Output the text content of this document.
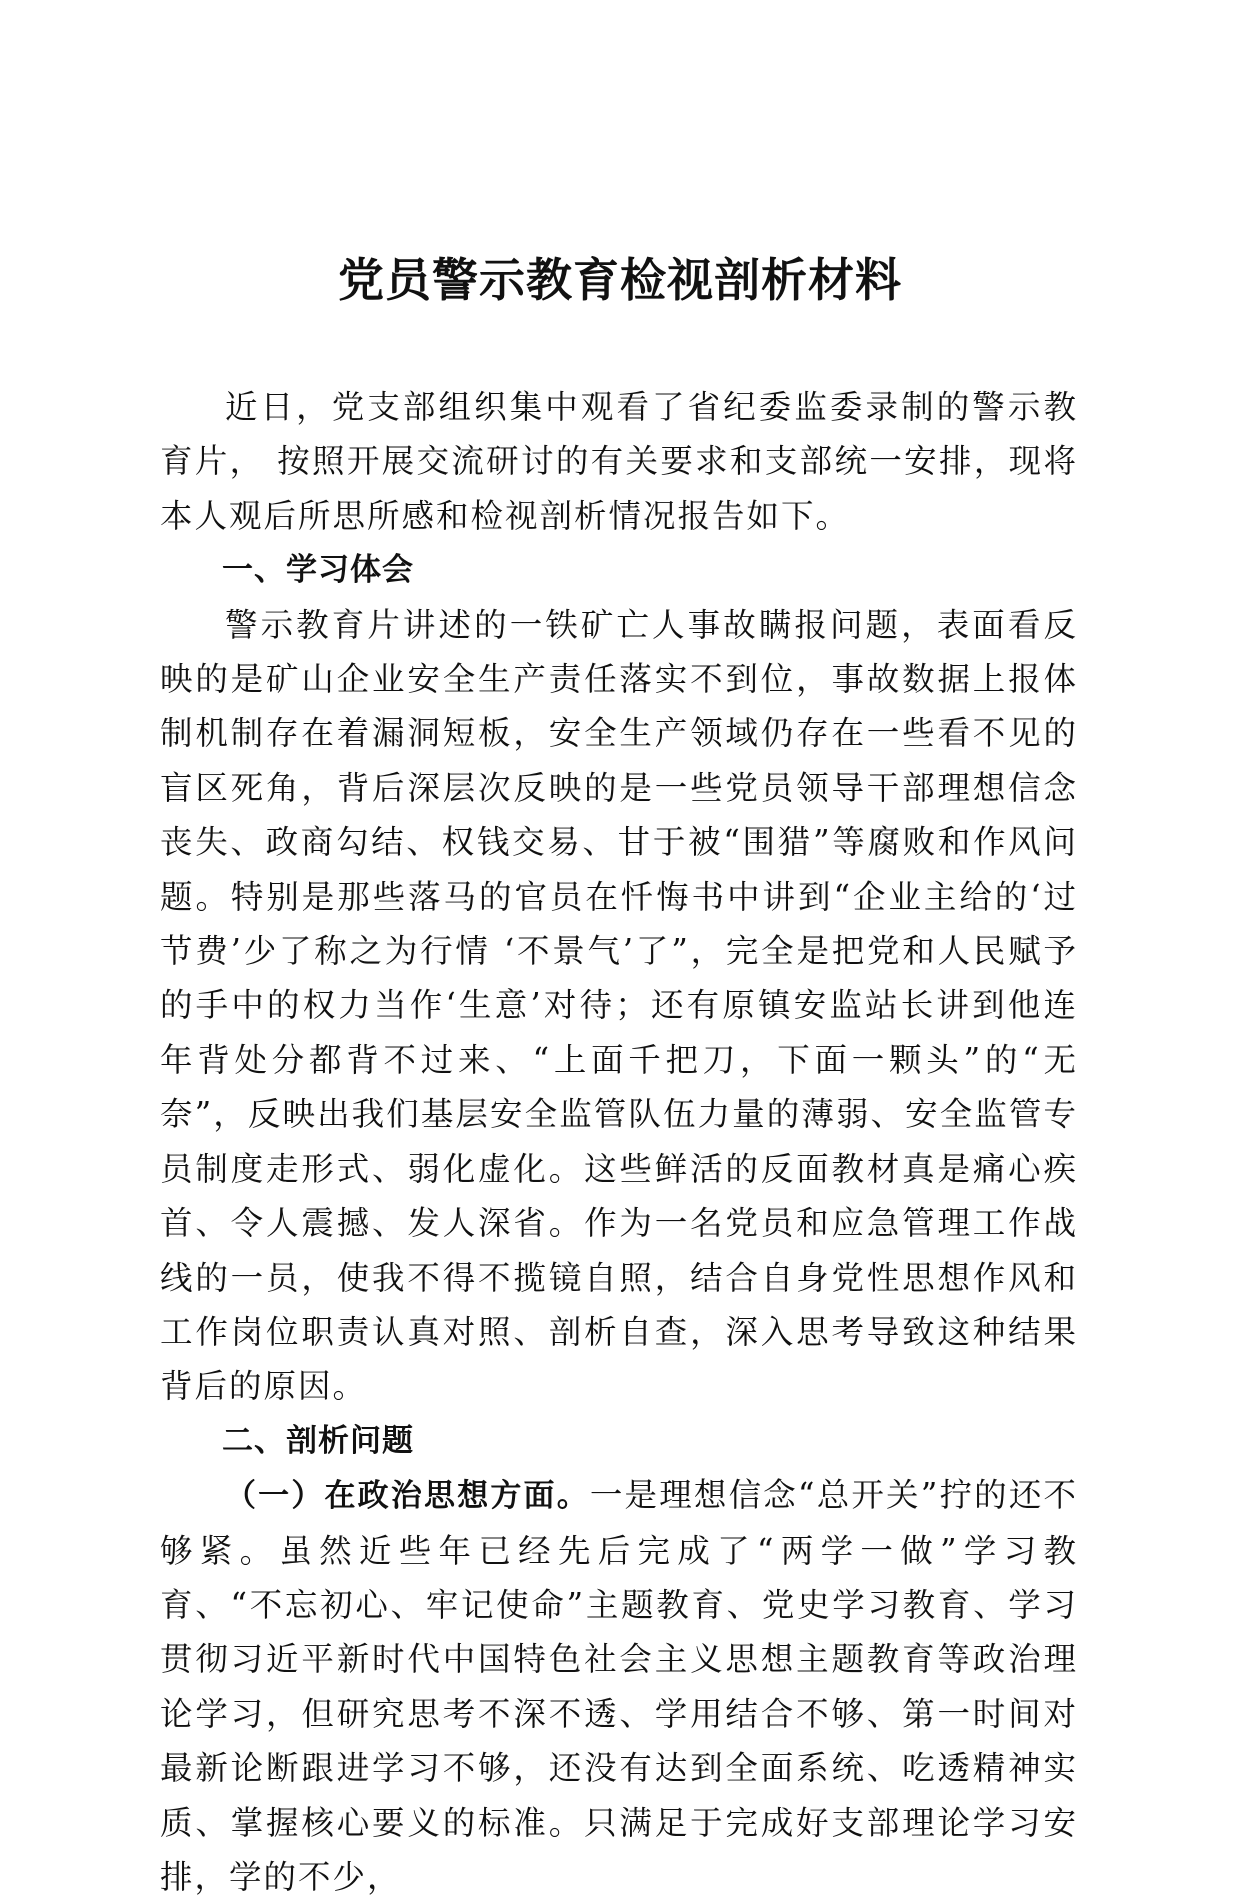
党员警示教育检视剖析材料

近日，党支部组织集中观看了省纪委监委录制的警示教育片， 按照开展交流研讨的有关要求和支部统一安排，现将本人观后所思所感和检视剖析情况报告如下。

一、学习体会

警示教育片讲述的一铁矿亡人事故瞒报问题，表面看反映的是矿山企业安全生产责任落实不到位，事故数据上报体制机制存在着漏洞短板，安全生产领域仍存在一些看不见的盲区死角，背后深层次反映的是一些党员领导干部理想信念丧失、政商勾结、权钱交易、甘于被“围猎”等腐败和作风问题。特别是那些落马的官员在忏悔书中讲到“企业主给的‘过节费’少了称之为行情 ‘不景气’了”，完全是把党和人民赋予的手中的权力当作‘生意’对待；还有原镇安监站长讲到他连年背处分都背不过来、“上面千把刀，下面一颗头”的“无奈”，反映出我们基层安全监管队伍力量的薄弱、安全监管专员制度走形式、弱化虚化。这些鲜活的反面教材真是痛心疾首、令人震撼、发人深省。作为一名党员和应急管理工作战线的一员，使我不得不揽镜自照，结合自身党性思想作风和工作岗位职责认真对照、剖析自查，深入思考导致这种结果背后的原因。

二、剖析问题

（一）在政治思想方面。一是理想信念“总开关”拧的还不够紧。虽然近些年已经先后完成了“两学一做”学习教育、“不忘初心、牢记使命”主题教育、党史学习教育、学习贯彻习近平新时代中国特色社会主义思想主题教育等政治理论学习，但研究思考不深不透、学用结合不够、第一时间对最新论断跟进学习不够，还没有达到全面系统、吃透精神实质、掌握核心要义的标准。只满足于完成好支部理论学习安排，学的不少，
